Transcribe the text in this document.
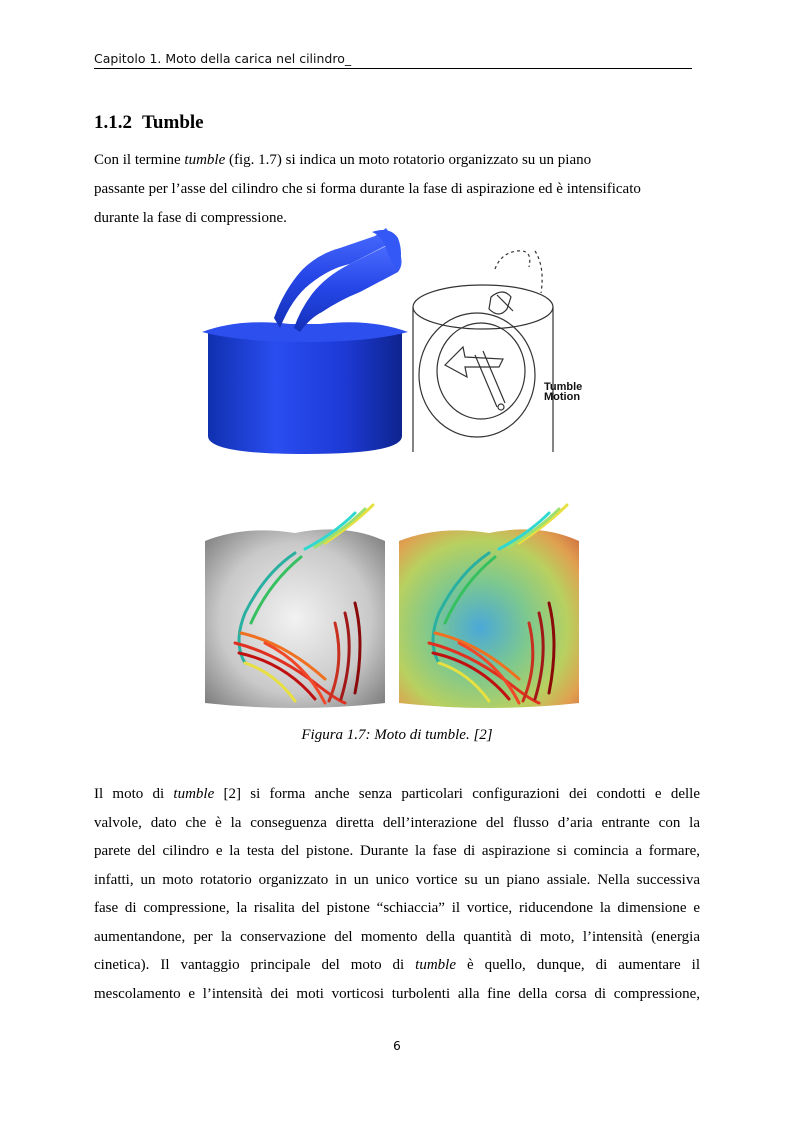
Capitolo 1. Moto della carica nel cilindro_
1.1.2 Tumble
Con il termine tumble (fig. 1.7) si indica un moto rotatorio organizzato su un piano
passante per l’asse del cilindro che si forma durante la fase di aspirazione ed è intensificato
durante la fase di compressione.
Tumble
Motion
Figura 1.7: Moto di tumble. [2]
Il moto di tumble [2] si forma anche senza particolari configurazioni dei condotti e delle
valvole, dato che è la conseguenza diretta dell’interazione del flusso d’aria entrante con la
parete del cilindro e la testa del pistone. Durante la fase di aspirazione si comincia a formare,
infatti, un moto rotatorio organizzato in un unico vortice su un piano assiale. Nella successiva
fase di compressione, la risalita del pistone “schiaccia” il vortice, riducendone la dimensione e
aumentandone, per la conservazione del momento della quantità di moto, l’intensità (energia
cinetica). Il vantaggio principale del moto di tumble è quello, dunque, di aumentare il
mescolamento e l’intensità dei moti vorticosi turbolenti alla fine della corsa di compressione,
6
